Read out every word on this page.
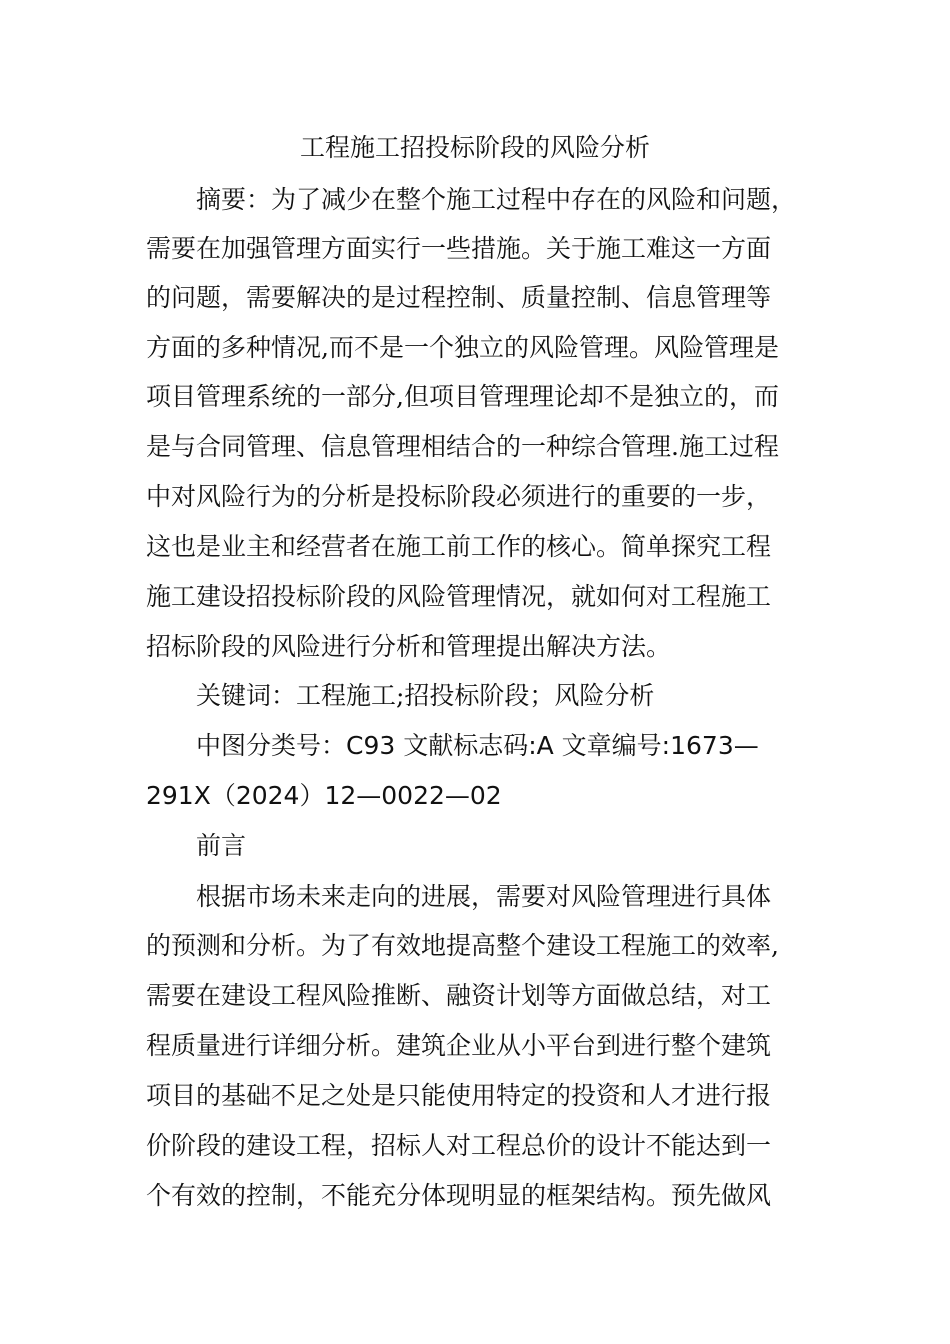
工程施工招投标阶段的风险分析
摘要：为了减少在整个施工过程中存在的风险和问题，
需要在加强管理方面实行一些措施。关于施工难这一方面
的问题，需要解决的是过程控制、质量控制、信息管理等
方面的多种情况,而不是一个独立的风险管理。风险管理是
项目管理系统的一部分,但项目管理理论却不是独立的，而
是与合同管理、信息管理相结合的一种综合管理.施工过程
中对风险行为的分析是投标阶段必须进行的重要的一步，
这也是业主和经营者在施工前工作的核心。简单探究工程
施工建设招投标阶段的风险管理情况，就如何对工程施工
招标阶段的风险进行分析和管理提出解决方法。
关键词：工程施工;招投标阶段；风险分析
中图分类号：C93 文献标志码:A 文章编号:1673—
291X（2024）12—0022—02
前言
根据市场未来走向的进展，需要对风险管理进行具体
的预测和分析。为了有效地提高整个建设工程施工的效率,
需要在建设工程风险推断、融资计划等方面做总结，对工
程质量进行详细分析。建筑企业从小平台到进行整个建筑
项目的基础不足之处是只能使用特定的投资和人才进行报
价阶段的建设工程，招标人对工程总价的设计不能达到一
个有效的控制，不能充分体现明显的框架结构。预先做风
